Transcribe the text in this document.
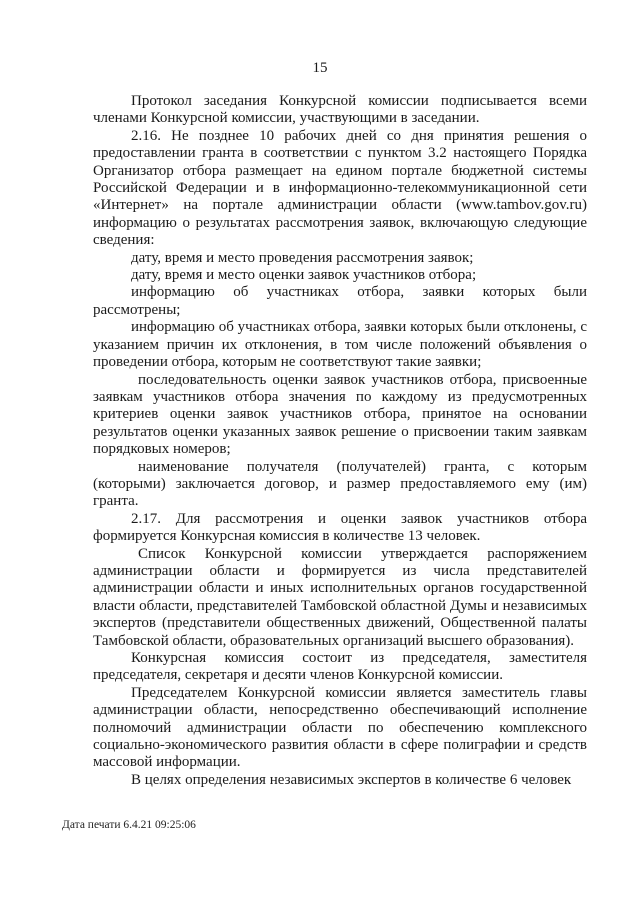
15

Протокол заседания Конкурсной комиссии подписывается всеми членами Конкурсной комиссии, участвующими в заседании.

2.16. Не позднее 10 рабочих дней со дня принятия решения о предоставлении гранта в соответствии с пунктом 3.2 настоящего Порядка Организатор отбора размещает на едином портале бюджетной системы Российской Федерации и в информационно-телекоммуникационной сети «Интернет» на портале администрации области (www.tambov.gov.ru) информацию о результатах рассмотрения заявок, включающую следующие сведения:

дату, время и место проведения рассмотрения заявок;

дату, время и место оценки заявок участников отбора;

информацию об участниках отбора, заявки которых были рассмотрены;

информацию об участниках отбора, заявки которых были отклонены, с указанием причин их отклонения, в том числе положений объявления о проведении отбора, которым не соответствуют такие заявки;

последовательность оценки заявок участников отбора, присвоенные заявкам участников отбора значения по каждому из предусмотренных критериев оценки заявок участников отбора, принятое на основании результатов оценки указанных заявок решение о присвоении таким заявкам порядковых номеров;

наименование получателя (получателей) гранта, с которым (которыми) заключается договор, и размер предоставляемого ему (им) гранта.

2.17. Для рассмотрения и оценки заявок участников отбора формируется Конкурсная комиссия в количестве 13 человек.

Список Конкурсной комиссии утверждается распоряжением администрации области и формируется из числа представителей администрации области и иных исполнительных органов государственной власти области, представителей Тамбовской областной Думы и независимых экспертов (представители общественных движений, Общественной палаты Тамбовской области, образовательных организаций высшего образования).

Конкурсная комиссия состоит из председателя, заместителя председателя, секретаря и десяти членов Конкурсной комиссии.

Председателем Конкурсной комиссии является заместитель главы администрации области, непосредственно обеспечивающий исполнение полномочий администрации области по обеспечению комплексного социально-экономического развития области в сфере полиграфии и средств массовой информации.

В целях определения независимых экспертов в количестве 6 человек

Дата печати 6.4.21 09:25:06
